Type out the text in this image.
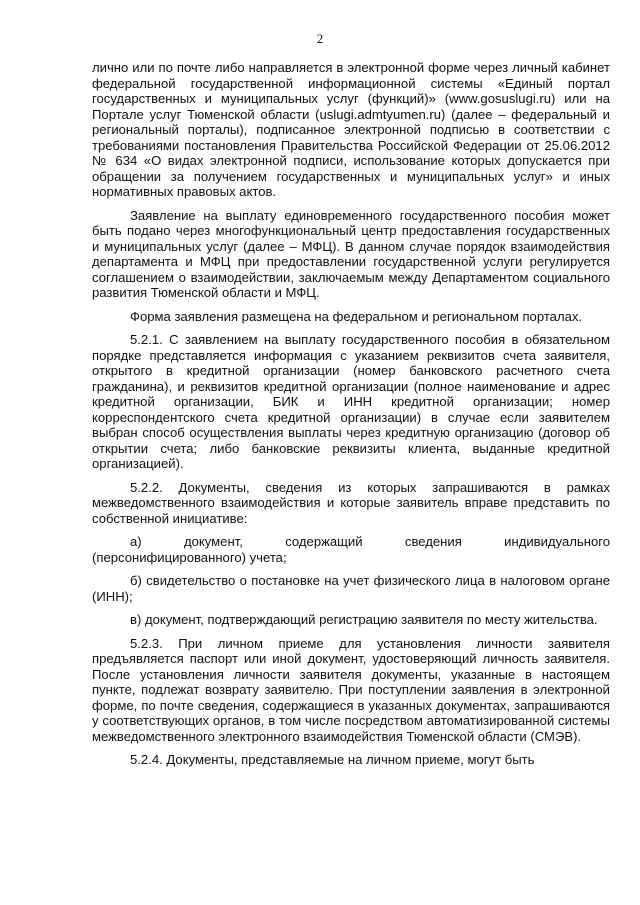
2

лично или по почте либо направляется в электронной форме через личный кабинет федеральной государственной информационной системы «Единый портал государственных и муниципальных услуг (функций)» (www.gosuslugi.ru) или на Портале услуг Тюменской области (uslugi.admtyumen.ru) (далее – федеральный и региональный порталы), подписанное электронной подписью в соответствии с требованиями постановления Правительства Российской Федерации от 25.06.2012 № 634 «О видах электронной подписи, использование которых допускается при обращении за получением государственных и муниципальных услуг» и иных нормативных правовых актов.

Заявление на выплату единовременного государственного пособия может быть подано через многофункциональный центр предоставления государственных и муниципальных услуг (далее – МФЦ). В данном случае порядок взаимодействия департамента и МФЦ при предоставлении государственной услуги регулируется соглашением о взаимодействии, заключаемым между Департаментом социального развития Тюменской области и МФЦ.

Форма заявления размещена на федеральном и региональном порталах.

5.2.1. С заявлением на выплату государственного пособия в обязательном порядке представляется информация с указанием реквизитов счета заявителя, открытого в кредитной организации (номер банковского расчетного счета гражданина), и реквизитов кредитной организации (полное наименование и адрес кредитной организации, БИК и ИНН кредитной организации; номер корреспондентского счета кредитной организации) в случае если заявителем выбран способ осуществления выплаты через кредитную организацию (договор об открытии счета; либо банковские реквизиты клиента, выданные кредитной организацией).

5.2.2. Документы, сведения из которых запрашиваются в рамках межведомственного взаимодействия и которые заявитель вправе представить по собственной инициативе:

а) документ, содержащий сведения индивидуального (персонифицированного) учета;

б) свидетельство о постановке на учет физического лица в налоговом органе (ИНН);

в) документ, подтверждающий регистрацию заявителя по месту жительства.

5.2.3. При личном приеме для установления личности заявителя предъявляется паспорт или иной документ, удостоверяющий личность заявителя. После установления личности заявителя документы, указанные в настоящем пункте, подлежат возврату заявителю. При поступлении заявления в электронной форме, по почте сведения, содержащиеся в указанных документах, запрашиваются у соответствующих органов, в том числе посредством автоматизированной системы межведомственного электронного взаимодействия Тюменской области (СМЭВ).

5.2.4. Документы, представляемые на личном приеме, могут быть
